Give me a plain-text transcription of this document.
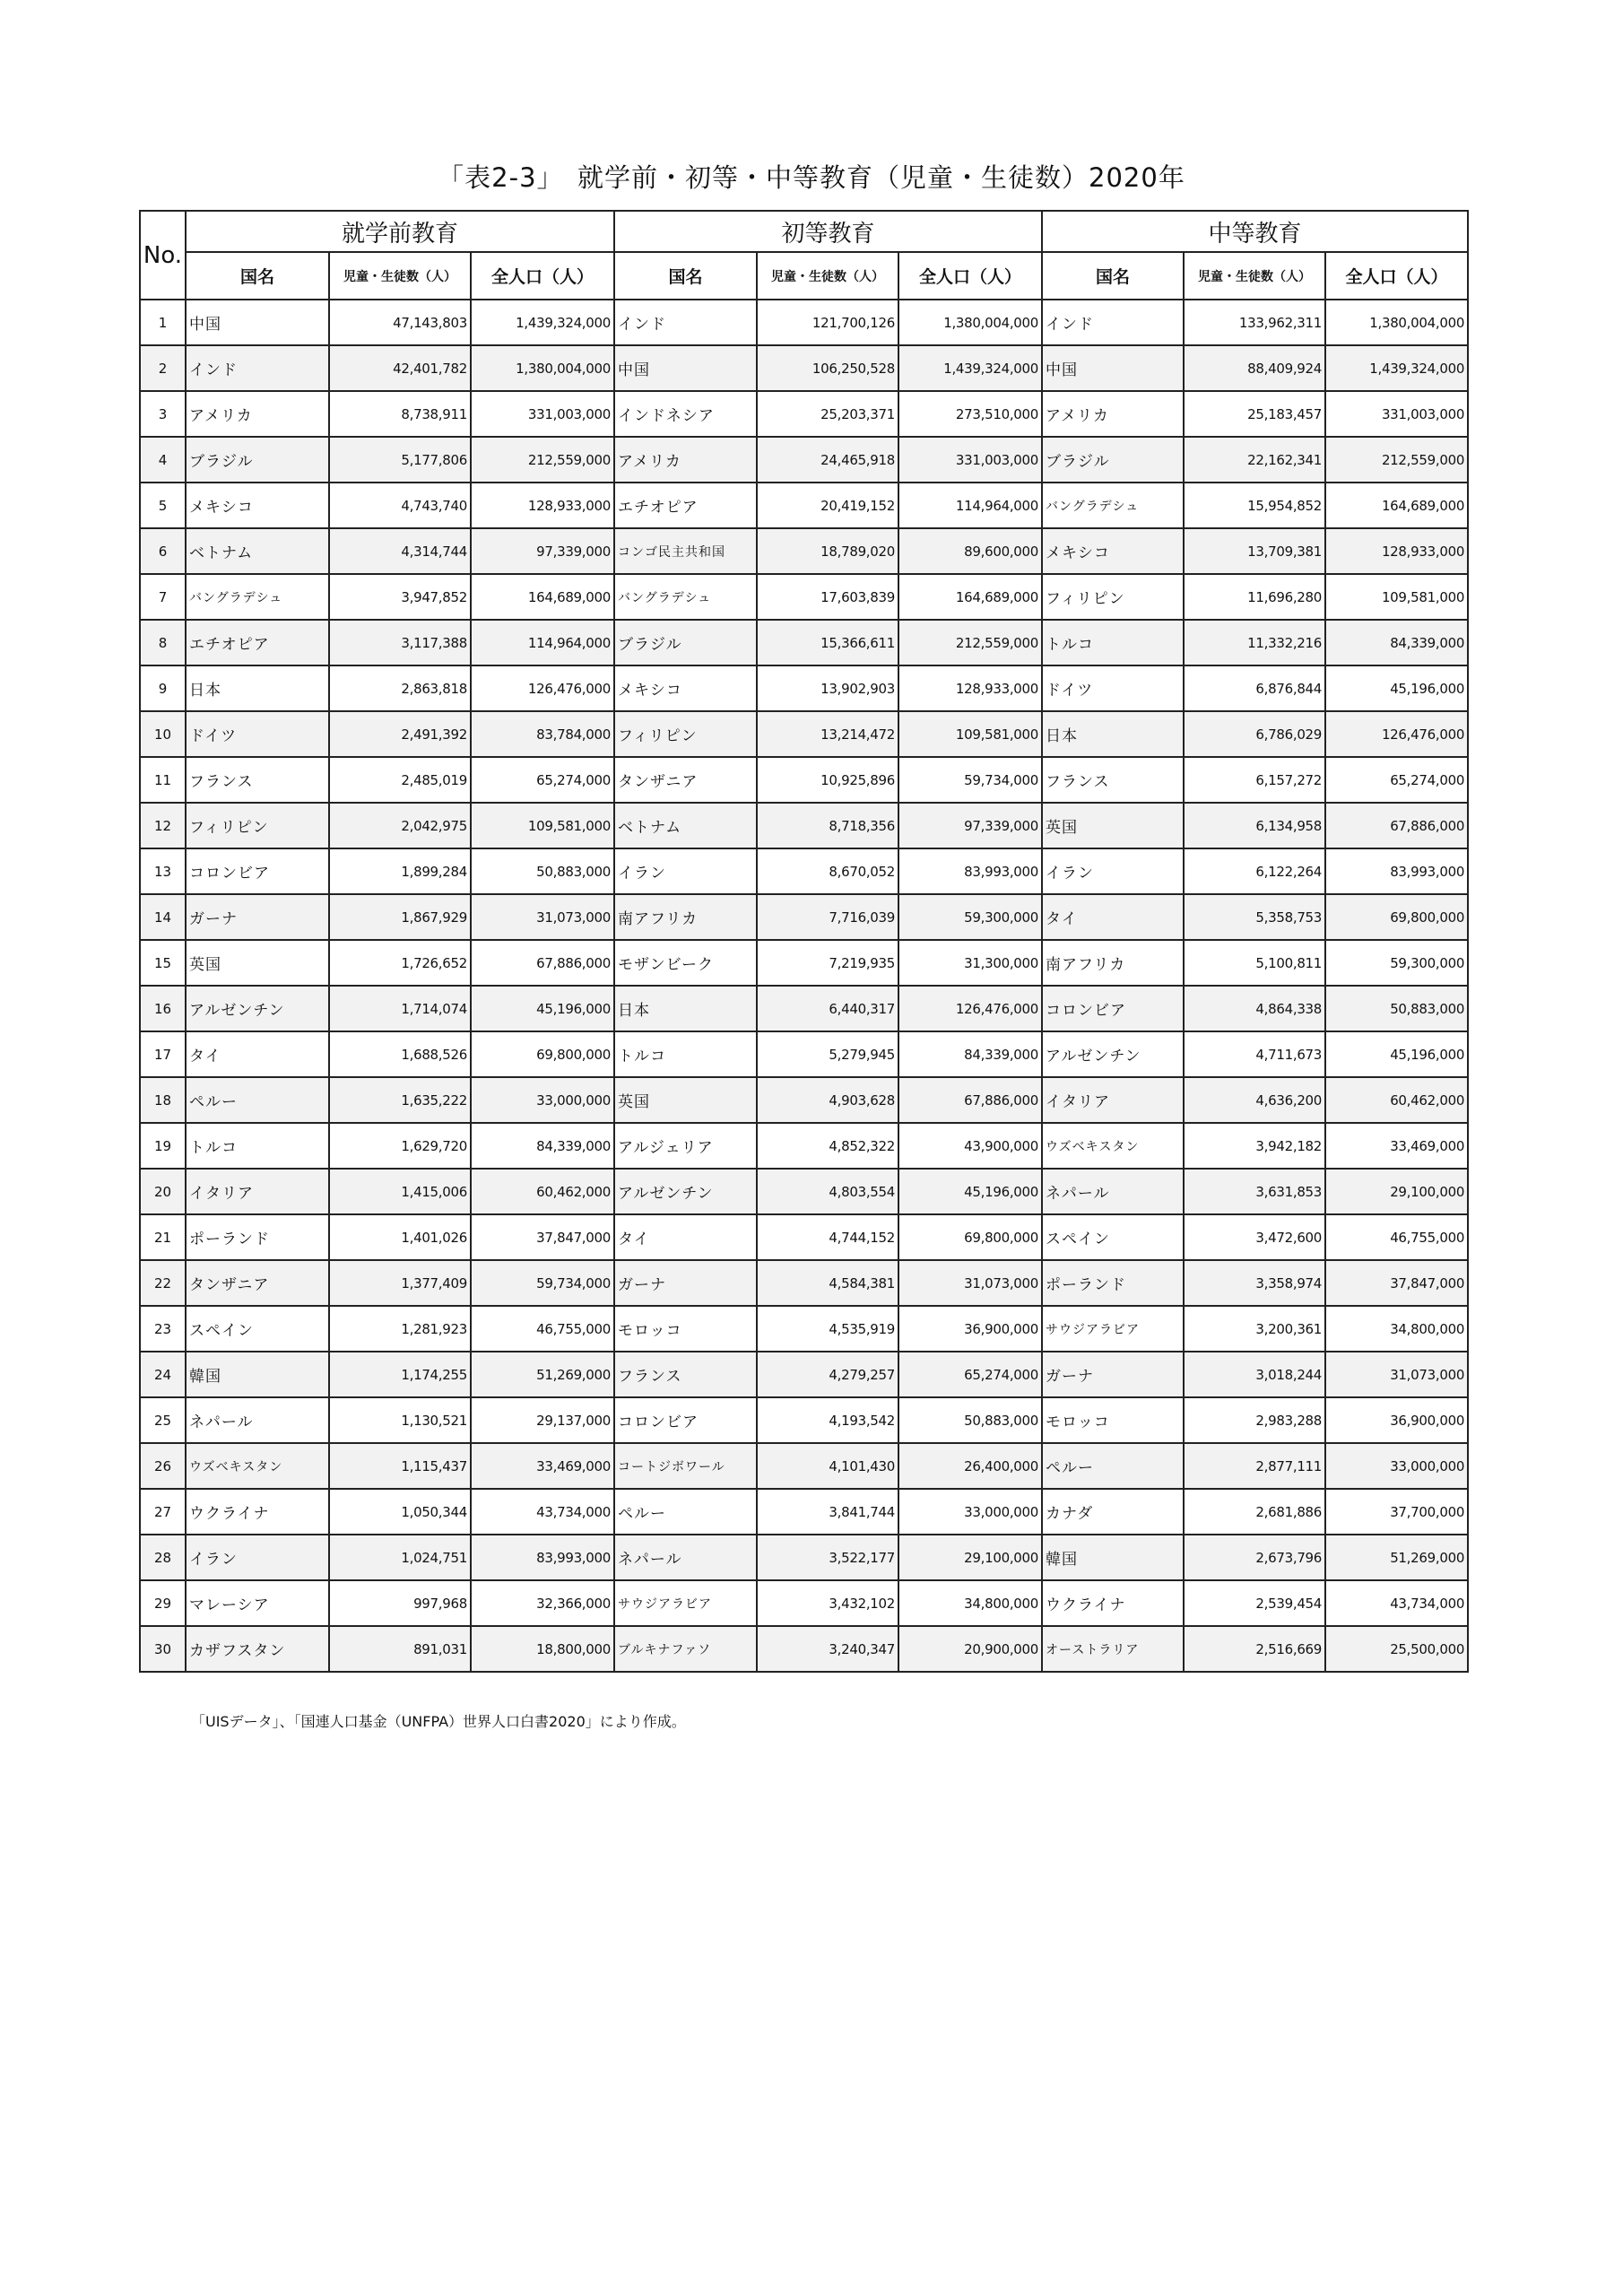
「表2-3」　就学前・初等・中等教育（児童・生徒数）2020年
No.	就学前教育			初等教育			中等教育		
	国名	児童・生徒数（人）	全人口（人）	国名	児童・生徒数（人）	全人口（人）	国名	児童・生徒数（人）	全人口（人）
1	中国	47,143,803	1,439,324,000	インド	121,700,126	1,380,004,000	インド	133,962,311	1,380,004,000
2	インド	42,401,782	1,380,004,000	中国	106,250,528	1,439,324,000	中国	88,409,924	1,439,324,000
3	アメリカ	8,738,911	331,003,000	インドネシア	25,203,371	273,510,000	アメリカ	25,183,457	331,003,000
4	ブラジル	5,177,806	212,559,000	アメリカ	24,465,918	331,003,000	ブラジル	22,162,341	212,559,000
5	メキシコ	4,743,740	128,933,000	エチオピア	20,419,152	114,964,000	バングラデシュ	15,954,852	164,689,000
6	ベトナム	4,314,744	97,339,000	コンゴ民主共和国	18,789,020	89,600,000	メキシコ	13,709,381	128,933,000
7	バングラデシュ	3,947,852	164,689,000	バングラデシュ	17,603,839	164,689,000	フィリピン	11,696,280	109,581,000
8	エチオピア	3,117,388	114,964,000	ブラジル	15,366,611	212,559,000	トルコ	11,332,216	84,339,000
9	日本	2,863,818	126,476,000	メキシコ	13,902,903	128,933,000	ドイツ	6,876,844	45,196,000
10	ドイツ	2,491,392	83,784,000	フィリピン	13,214,472	109,581,000	日本	6,786,029	126,476,000
11	フランス	2,485,019	65,274,000	タンザニア	10,925,896	59,734,000	フランス	6,157,272	65,274,000
12	フィリピン	2,042,975	109,581,000	ベトナム	8,718,356	97,339,000	英国	6,134,958	67,886,000
13	コロンビア	1,899,284	50,883,000	イラン	8,670,052	83,993,000	イラン	6,122,264	83,993,000
14	ガーナ	1,867,929	31,073,000	南アフリカ	7,716,039	59,300,000	タイ	5,358,753	69,800,000
15	英国	1,726,652	67,886,000	モザンビーク	7,219,935	31,300,000	南アフリカ	5,100,811	59,300,000
16	アルゼンチン	1,714,074	45,196,000	日本	6,440,317	126,476,000	コロンビア	4,864,338	50,883,000
17	タイ	1,688,526	69,800,000	トルコ	5,279,945	84,339,000	アルゼンチン	4,711,673	45,196,000
18	ペルー	1,635,222	33,000,000	英国	4,903,628	67,886,000	イタリア	4,636,200	60,462,000
19	トルコ	1,629,720	84,339,000	アルジェリア	4,852,322	43,900,000	ウズベキスタン	3,942,182	33,469,000
20	イタリア	1,415,006	60,462,000	アルゼンチン	4,803,554	45,196,000	ネパール	3,631,853	29,100,000
21	ポーランド	1,401,026	37,847,000	タイ	4,744,152	69,800,000	スペイン	3,472,600	46,755,000
22	タンザニア	1,377,409	59,734,000	ガーナ	4,584,381	31,073,000	ポーランド	3,358,974	37,847,000
23	スペイン	1,281,923	46,755,000	モロッコ	4,535,919	36,900,000	サウジアラビア	3,200,361	34,800,000
24	韓国	1,174,255	51,269,000	フランス	4,279,257	65,274,000	ガーナ	3,018,244	31,073,000
25	ネパール	1,130,521	29,137,000	コロンビア	4,193,542	50,883,000	モロッコ	2,983,288	36,900,000
26	ウズベキスタン	1,115,437	33,469,000	コートジボワール	4,101,430	26,400,000	ペルー	2,877,111	33,000,000
27	ウクライナ	1,050,344	43,734,000	ペルー	3,841,744	33,000,000	カナダ	2,681,886	37,700,000
28	イラン	1,024,751	83,993,000	ネパール	3,522,177	29,100,000	韓国	2,673,796	51,269,000
29	マレーシア	997,968	32,366,000	サウジアラビア	3,432,102	34,800,000	ウクライナ	2,539,454	43,734,000
30	カザフスタン	891,031	18,800,000	ブルキナファソ	3,240,347	20,900,000	オーストラリア	2,516,669	25,500,000
「UISデータ」、「国連人口基金（UNFPA）世界人口白書2020」により作成。
